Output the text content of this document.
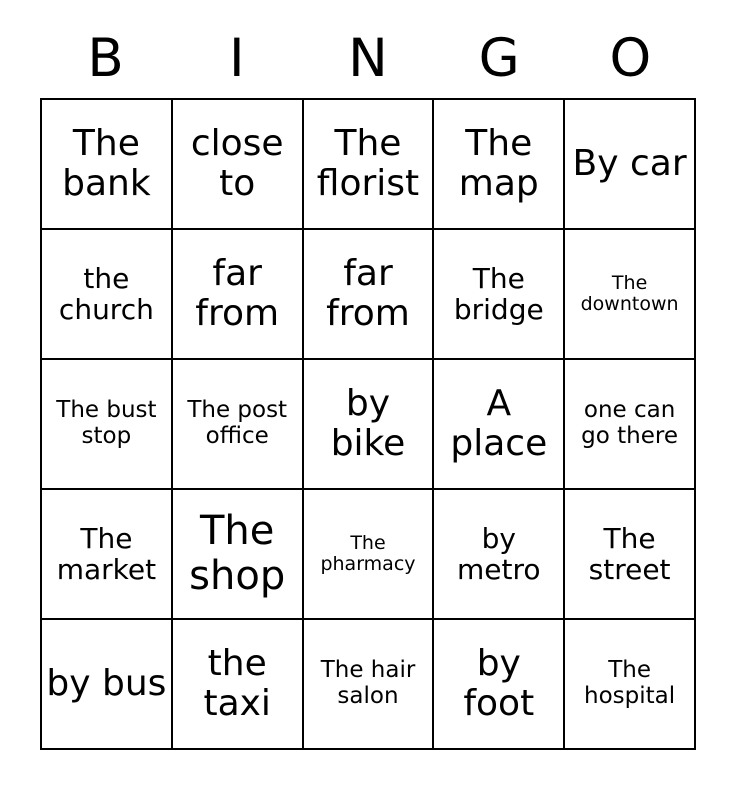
B	I	N	G	O
The bank	close to	The florist	The map	By car
the church	far from	far from	The bridge	The downtown
The bust stop	The post office	by bike	A place	one can go there
The market	The shop	The pharmacy	by metro	The street
by bus	the taxi	The hair salon	by foot	The hospital
